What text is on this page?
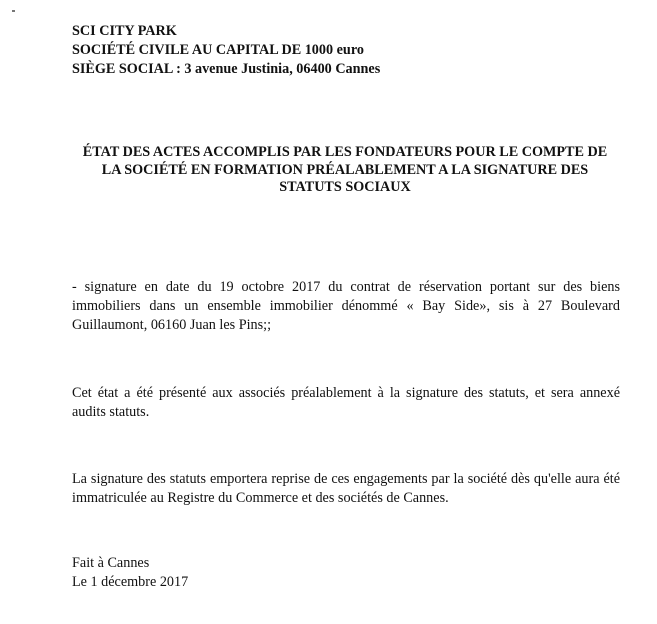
SCI CITY PARK
SOCIÉTÉ CIVILE AU CAPITAL DE 1000 euro
SIÈGE SOCIAL : 3 avenue Justinia, 06400 Cannes
ÉTAT DES ACTES ACCOMPLIS PAR LES FONDATEURS POUR LE COMPTE DE
LA SOCIÉTÉ EN FORMATION PRÉALABLEMENT A LA SIGNATURE DES
STATUTS SOCIAUX
- signature en date du 19 octobre 2017 du contrat de réservation portant sur des biens immobiliers dans un ensemble immobilier dénommé « Bay Side», sis à 27 Boulevard Guillaumont, 06160 Juan les Pins;;
Cet état a été présenté aux associés préalablement à la signature des statuts, et sera annexé audits statuts.
La signature des statuts emportera reprise de ces engagements par la société dès qu'elle aura été immatriculée au Registre du Commerce et des sociétés de Cannes.
Fait à Cannes
Le 1 décembre 2017
